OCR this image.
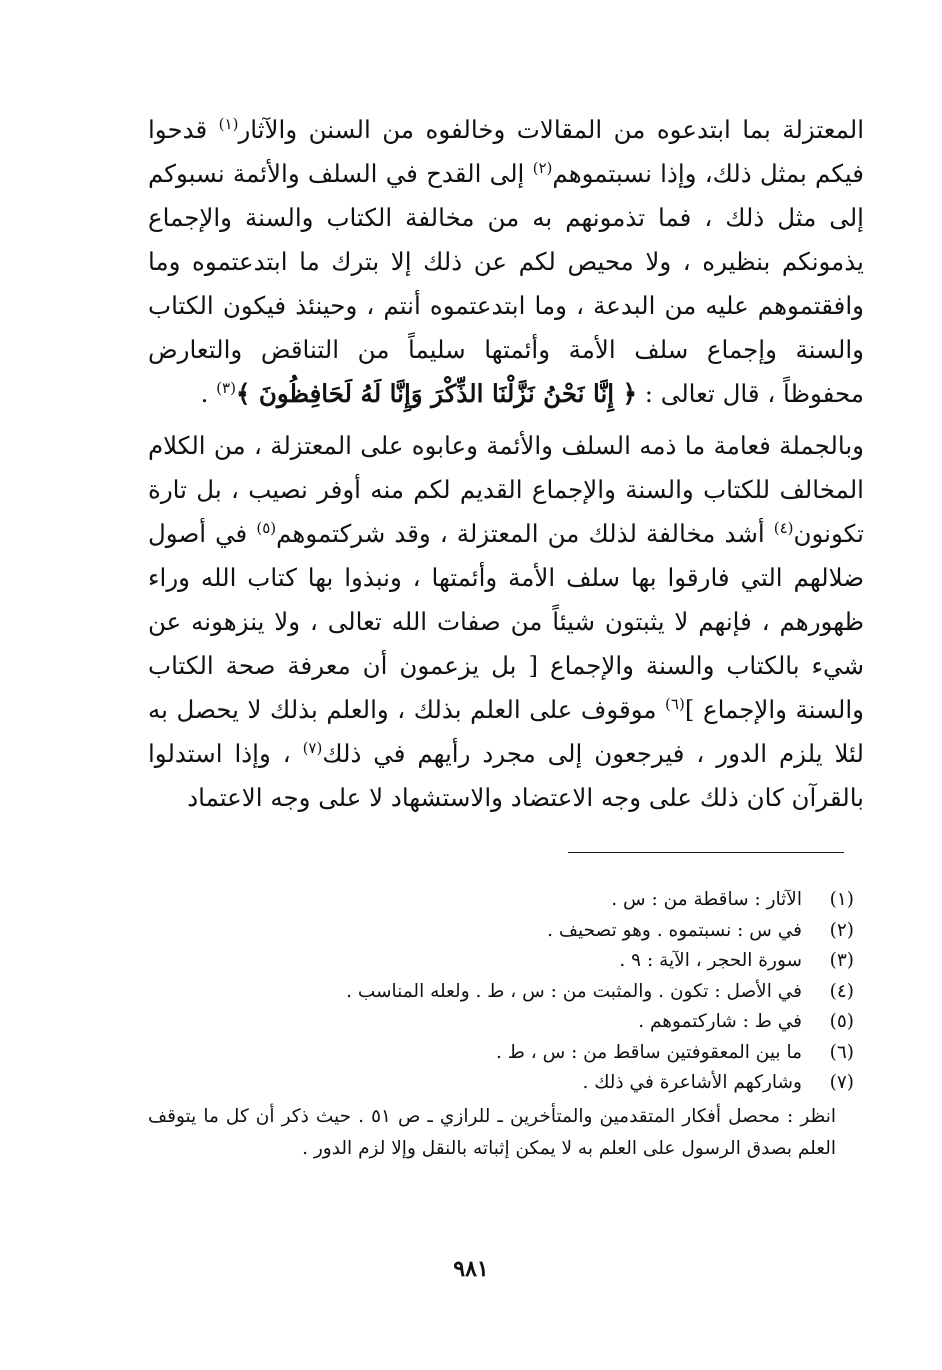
المعتزلة بما ابتدعوه من المقالات وخالفوه من السنن والآثار$^{(١)}$ قدحوا فيكم بمثل ذلك، وإذا نسبتموهم$^{(٢)}$ إلى القدح في السلف والأئمة نسبوكم إلى مثل ذلك ، فما تذمونهم به من مخالفة الكتاب والسنة والإجماع يذمونكم بنظيره ، ولا محيص لكم عن ذلك إلا بترك ما ابتدعتموه وما وافقتموهم عليه من البدعة ، وما ابتدعتموه أنتم ، وحينئذ فيكون الكتاب والسنة وإجماع سلف الأمة وأئمتها سليماً من التناقض والتعارض محفوظاً ، قال تعالى : ﴿ إِنَّا نَحْنُ نَزَّلْنَا الذِّكْرَ وَإِنَّا لَهُ لَحَافِظُونَ ﴾$^{(٣)}$ .

وبالجملة فعامة ما ذمه السلف والأئمة وعابوه على المعتزلة ، من الكلام المخالف للكتاب والسنة والإجماع القديم لكم منه أوفر نصيب ، بل تارة تكونون$^{(٤)}$ أشد مخالفة لذلك من المعتزلة ، وقد شركتموهم$^{(٥)}$ في أصول ضلالهم التي فارقوا بها سلف الأمة وأئمتها ، ونبذوا بها كتاب الله وراء ظهورهم ، فإنهم لا يثبتون شيئاً من صفات الله تعالى ، ولا ينزهونه عن شيء بالكتاب والسنة والإجماع [ بل يزعمون أن معرفة صحة الكتاب والسنة والإجماع ]$^{(٦)}$ موقوف على العلم بذلك ، والعلم بذلك لا يحصل به لئلا يلزم الدور ، فيرجعون إلى مجرد رأيهم في ذلك$^{(٧)}$ ، وإذا استدلوا بالقرآن كان ذلك على وجه الاعتضاد والاستشهاد لا على وجه الاعتماد

(١)
الآثار : ساقطة من : س .
(٢)
في س : نسبتموه . وهو تصحيف .
(٣)
سورة الحجر ، الآية : ٩ .
(٤)
في الأصل : تكون . والمثبت من : س ، ط . ولعله المناسب .
(٥)
في ط : شاركتموهم .
(٦)
ما بين المعقوفتين ساقط من : س ، ط .
(٧)
وشاركهم الأشاعرة في ذلك .
انظر : محصل أفكار المتقدمين والمتأخرين ـ للرازي ـ ص ٥١ . حيث ذكر أن كل ما يتوقف العلم بصدق الرسول على العلم به لا يمكن إثباته بالنقل وإلا لزم الدور .
٩٨١
